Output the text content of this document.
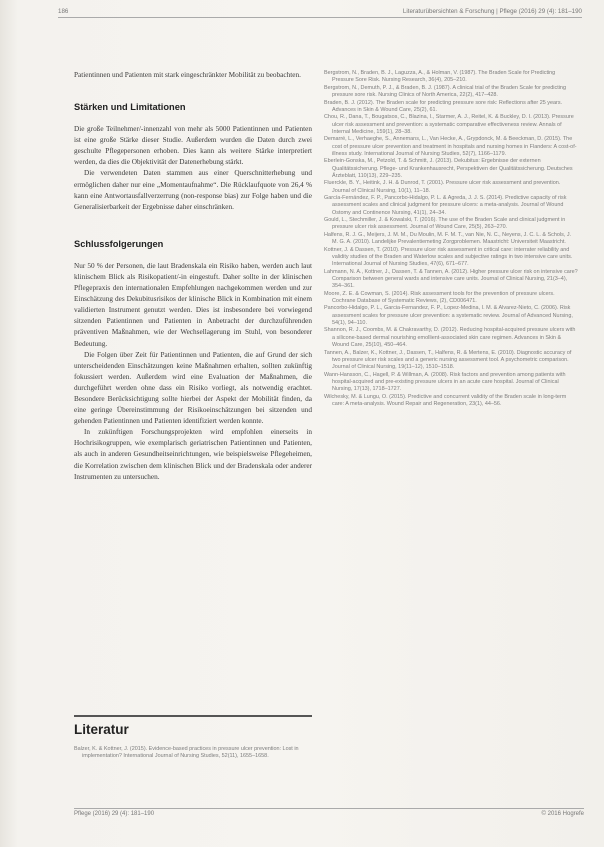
186	Literaturübersichten & Forschung | Pflege (2016) 29 (4): 181–190

Patientinnen und Patienten mit stark eingeschränkter Mobilität zu beobachten.

Stärken und Limitationen

Die große Teilnehmer/-innenzahl von mehr als 5000 Patientinnen und Patienten ist eine große Stärke dieser Studie. Außerdem wurden die Daten durch zwei geschulte Pflegepersonen erhoben. Dies kann als weitere Stärke interpretiert werden, da dies die Objektivität der Datenerhebung stärkt.

Die verwendeten Daten stammen aus einer Querschnitterhebung und ermöglichen daher nur eine „Momentaufnahme“. Die Rücklaufquote von 26,4 % kann eine Antwortausfallverzerrung (non-response bias) zur Folge haben und die Generalisierbarkeit der Ergebnisse daher einschränken.

Schlussfolgerungen

Nur 50 % der Personen, die laut Bradenskala ein Risiko haben, werden auch laut klinischem Blick als Risikopatient/-in eingestuft. Daher sollte in der klinischen Pflegepraxis den internationalen Empfehlungen nachgekommen werden und zur Einschätzung des Dekubitusrisikos der klinische Blick in Kombination mit einem validierten Instrument genutzt werden. Dies ist insbesondere bei vorwiegend sitzenden Patientinnen und Patienten in Anbetracht der durchzuführenden präventiven Maßnahmen, wie der Wechsellagerung im Stuhl, von besonderer Bedeutung.

Die Folgen über Zeit für Patientinnen und Patienten, die auf Grund der sich unterscheidenden Einschätzungen keine Maßnahmen erhalten, sollten zukünftig fokussiert werden. Außerdem wird eine Evaluation der Maßnahmen, die durchgeführt werden ohne dass ein Risiko vorliegt, als notwendig erachtet. Besondere Berücksichtigung sollte hierbei der Aspekt der Mobilität finden, da eine geringe Übereinstimmung der Risikoeinschätzungen bei sitzenden und gehenden Patientinnen und Patienten identifiziert werden konnte.

In zukünftigen Forschungsprojekten wird empfohlen einerseits in Hochrisikogruppen, wie exemplarisch geriatrischen Patientinnen und Patienten, als auch in anderen Gesundheitseinrichtungen, wie beispielsweise Pflegeheimen, die Korrelation zwischen dem klinischen Blick und der Bradenskala oder anderer Instrumenten zu untersuchen.

Literatur

Balzer, K. & Kottner, J. (2015). Evidence-based practices in pressure ulcer prevention: Lost in implementation? International Journal of Nursing Studies, 52(11), 1655–1658.

Bergstrom, N., Braden, B. J., Laguzza, A., & Holman, V. (1987). The Braden Scale for Predicting Pressure Sore Risk. Nursing Research, 36(4), 205–210.

Bergstrom, N., Demuth, P. J., & Braden, B. J. (1987). A clinical trial of the Braden Scale for predicting pressure sore risk. Nursing Clinics of North America, 22(2), 417–428.

Braden, B. J. (2012). The Braden scale for predicting pressure sore risk: Reflections after 25 years. Advances in Skin & Wound Care, 25(2), 61.

Chou, R., Dana, T., Bougatsos, C., Blazina, I., Starmer, A. J., Reitel, K. & Buckley, D. I. (2013). Pressure ulcer risk assessment and prevention: a systematic comparative effectiveness review. Annals of Internal Medicine, 159(1), 28–38.

Demarré, L., Verhaeghe, S., Annemans, L., Van Hecke, A., Grypdonck, M. & Beeckman, D. (2015). The cost of pressure ulcer prevention and treatment in hospitals and nursing homes in Flanders: A cost-of-illness study. International Journal of Nursing Studies, 52(7), 1166–1179.

Eberlein-Gonska, M., Petzold, T. & Schmitt, J. (2013). Dekubitus: Ergebnisse der externen Qualitätssicherung. Pflege- und Krankenhausrecht, Perspektiven der Qualitätssicherung. Deutsches Ärzteblatt, 110(13), 229–235.

Fluerckle, B. Y., Heitink, J. H. & Dunrod, T. (2001). Pressure ulcer risk assessment and prevention. Journal of Clinical Nursing, 10(1), 11–18.

García-Fernández, F. P., Pancorbo-Hidalgo, P. L. & Agreda, J. J. S. (2014). Predictive capacity of risk assessment scales and clinical judgment for pressure ulcers: a meta-analysis. Journal of Wound Ostomy and Continence Nursing, 41(1), 24–34.

Gould, L., Stechmiller, J. & Kowalski, T. (2016). The use of the Braden Scale and clinical judgment in pressure ulcer risk assessment. Journal of Wound Care, 25(5), 263–270.

Halfens, R. J. G., Meijers, J. M. M., Du Moulin, M. F. M. T., van Nie, N. C., Neyens, J. C. L. & Schols, J. M. G. A. (2010). Landelijke Prevalentiemeting Zorgproblemen. Maastricht: Universiteit Maastricht.

Kottner, J. & Dassen, T. (2010). Pressure ulcer risk assessment in critical care: interrater reliability and validity studies of the Braden and Waterlow scales and subjective ratings in two intensive care units. International Journal of Nursing Studies, 47(6), 671–677.

Lahmann, N. A., Kottner, J., Dassen, T. & Tannen, A. (2012). Higher pressure ulcer risk on intensive care? Comparison between general wards and intensive care units. Journal of Clinical Nursing, 21(3–4), 354–361.

Moore, Z. E. & Cowman, S. (2014). Risk assessment tools for the prevention of pressure ulcers. Cochrane Database of Systematic Reviews, (2), CD006471.

Pancorbo-Hidalgo, P. L., Garcia-Fernandez, F. P., Lopez-Medina, I. M. & Alvarez-Nieto, C. (2006). Risk assessment scales for pressure ulcer prevention: a systematic review. Journal of Advanced Nursing, 54(1), 94–110.

Shannon, R. J., Coombs, M. & Chakravarthy, D. (2012). Reducing hospital-acquired pressure ulcers with a silicone-based dermal nourishing emollient-associated skin care regimen. Advances in Skin & Wound Care, 25(10), 450–464.

Tannen, A., Balzer, K., Kottner, J., Dassen, T., Halfens, R. & Mertens, E. (2010). Diagnostic accuracy of two pressure ulcer risk scales and a generic nursing assessment tool. A psychometric comparison. Journal of Clinical Nursing, 19(11–12), 1510–1518.

Wann-Hansson, C., Hagell, P. & Willman, A. (2008). Risk factors and prevention among patients with hospital-acquired and pre-existing pressure ulcers in an acute care hospital. Journal of Clinical Nursing, 17(13), 1718–1727.

Wilchesky, M. & Lungu, O. (2015). Predictive and concurrent validity of the Braden scale in long-term care: A meta-analysis. Wound Repair and Regeneration, 23(1), 44–56.

Pflege (2016) 29 (4): 181–190	© 2016 Hogrefe
